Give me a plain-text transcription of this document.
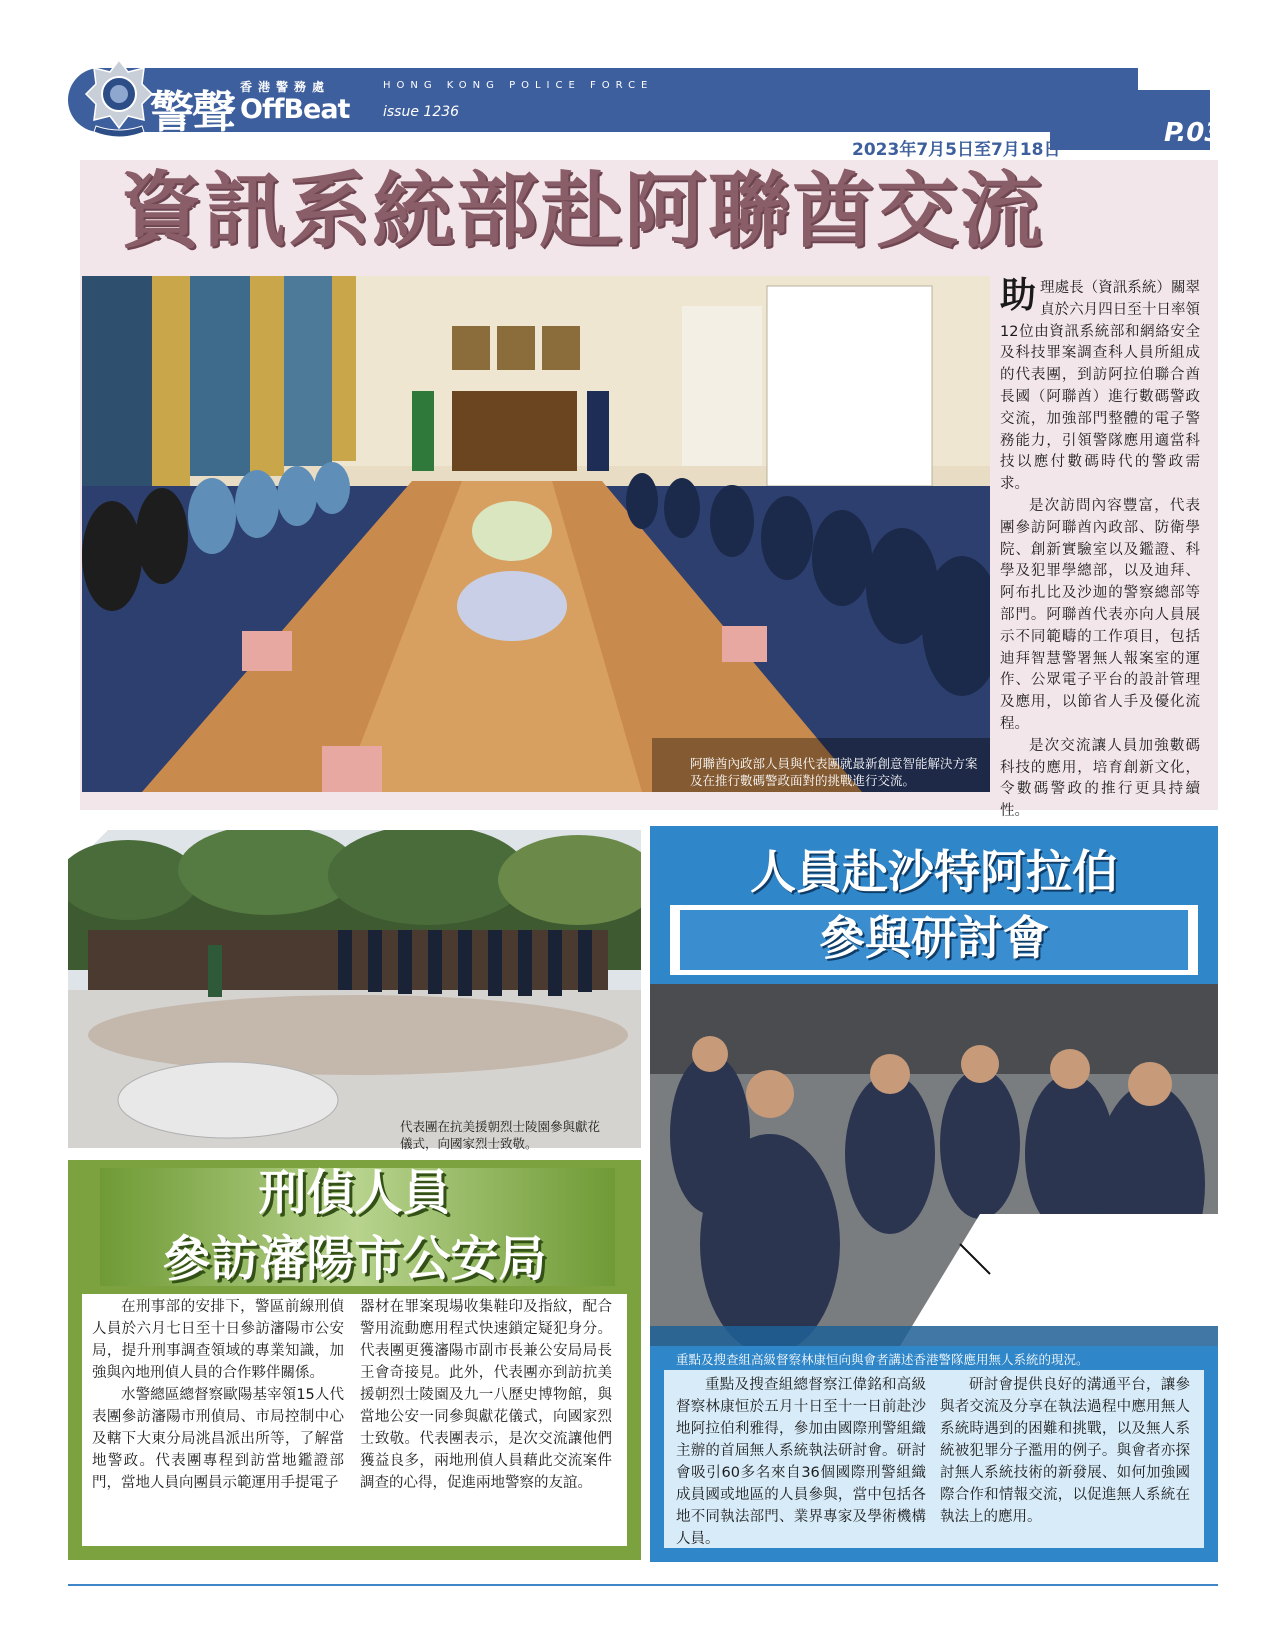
警聲 香港警務處
OffBeat
HONG KONG POLICE FORCE
issue 1236
2023年7月5日至7月18日
P.03
資訊系統部赴阿聯酋交流
阿聯酋內政部人員與代表團就最新創意智能解決方案及在推行數碼警政面對的挑戰進行交流。

助理處長（資訊系統）關翠貞於六月四日至十日率領12位由資訊系統部和網絡安全及科技罪案調查科人員所組成的代表團，到訪阿拉伯聯合酋長國（阿聯酋）進行數碼警政交流，加強部門整體的電子警務能力，引領警隊應用適當科技以應付數碼時代的警政需求。

是次訪問內容豐富，代表團參訪阿聯酋內政部、防衛學院、創新實驗室以及鑑證、科學及犯罪學總部，以及迪拜、阿布扎比及沙迦的警察總部等部門。阿聯酋代表亦向人員展示不同範疇的工作項目，包括迪拜智慧警署無人報案室的運作、公眾電子平台的設計管理及應用，以節省人手及優化流程。

是次交流讓人員加強數碼科技的應用，培育創新文化，令數碼警政的推行更具持續性。

代表團在抗美援朝烈士陵園參與獻花儀式，向國家烈士致敬。
刑偵人員
參訪瀋陽市公安局

在刑事部的安排下，警區前線刑偵人員於六月七日至十日參訪瀋陽市公安局，提升刑事調查領域的專業知識，加強與內地刑偵人員的合作夥伴關係。

水警總區總督察歐陽基宰領15人代表團參訪瀋陽市刑偵局、市局控制中心及轄下大東分局洮昌派出所等，了解當地警政。代表團專程到訪當地鑑證部門，當地人員向團員示範運用手提電子

器材在罪案現場收集鞋印及指紋，配合警用流動應用程式快速鎖定疑犯身分。代表團更獲瀋陽市副市長兼公安局局長王會奇接見。此外，代表團亦到訪抗美援朝烈士陵園及九一八歷史博物館，與當地公安一同參與獻花儀式，向國家烈士致敬。代表團表示，是次交流讓他們獲益良多，兩地刑偵人員藉此交流案件調查的心得，促進兩地警察的友誼。

人員赴沙特阿拉伯
參與研討會
重點及搜查組高級督察林康恒向與會者講述香港警隊應用無人系統的現況。

重點及搜查組總督察江偉銘和高級督察林康恒於五月十日至十一日前赴沙地阿拉伯利雅得，參加由國際刑警組織主辦的首屆無人系統執法研討會。研討會吸引60多名來自36個國際刑警組織成員國或地區的人員參與，當中包括各地不同執法部門、業界專家及學術機構人員。

研討會提供良好的溝通平台，讓參與者交流及分享在執法過程中應用無人系統時遇到的困難和挑戰，以及無人系統被犯罪分子濫用的例子。與會者亦探討無人系統技術的新發展、如何加強國際合作和情報交流，以促進無人系統在執法上的應用。
